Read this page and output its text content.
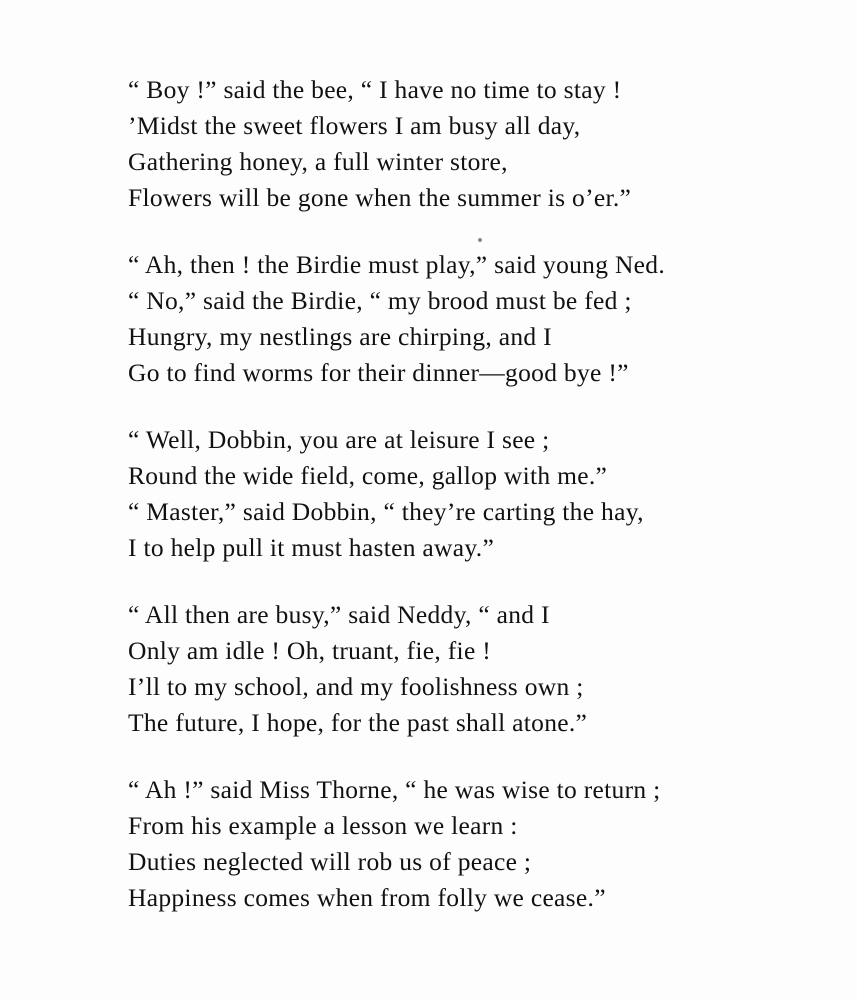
“ Boy !” said the bee, “ I have no time to stay !
’Midst the sweet flowers I am busy all day,
Gathering honey, a full winter store,
Flowers will be gone when the summer is o’er.”
“ Ah, then ! the Birdie must play,” said young Ned.
“ No,” said the Birdie, “ my brood must be fed ;
Hungry, my nestlings are chirping, and I
Go to find worms for their dinner—good bye !”
“ Well, Dobbin, you are at leisure I see ;
Round the wide field, come, gallop with me.”
“ Master,” said Dobbin, “ they’re carting the hay,
I to help pull it must hasten away.”
“ All then are busy,” said Neddy, “ and I
Only am idle ! Oh, truant, fie, fie !
I’ll to my school, and my foolishness own ;
The future, I hope, for the past shall atone.”
“ Ah !” said Miss Thorne, “ he was wise to return ;
From his example a lesson we learn :
Duties neglected will rob us of peace ;
Happiness comes when from folly we cease.”
